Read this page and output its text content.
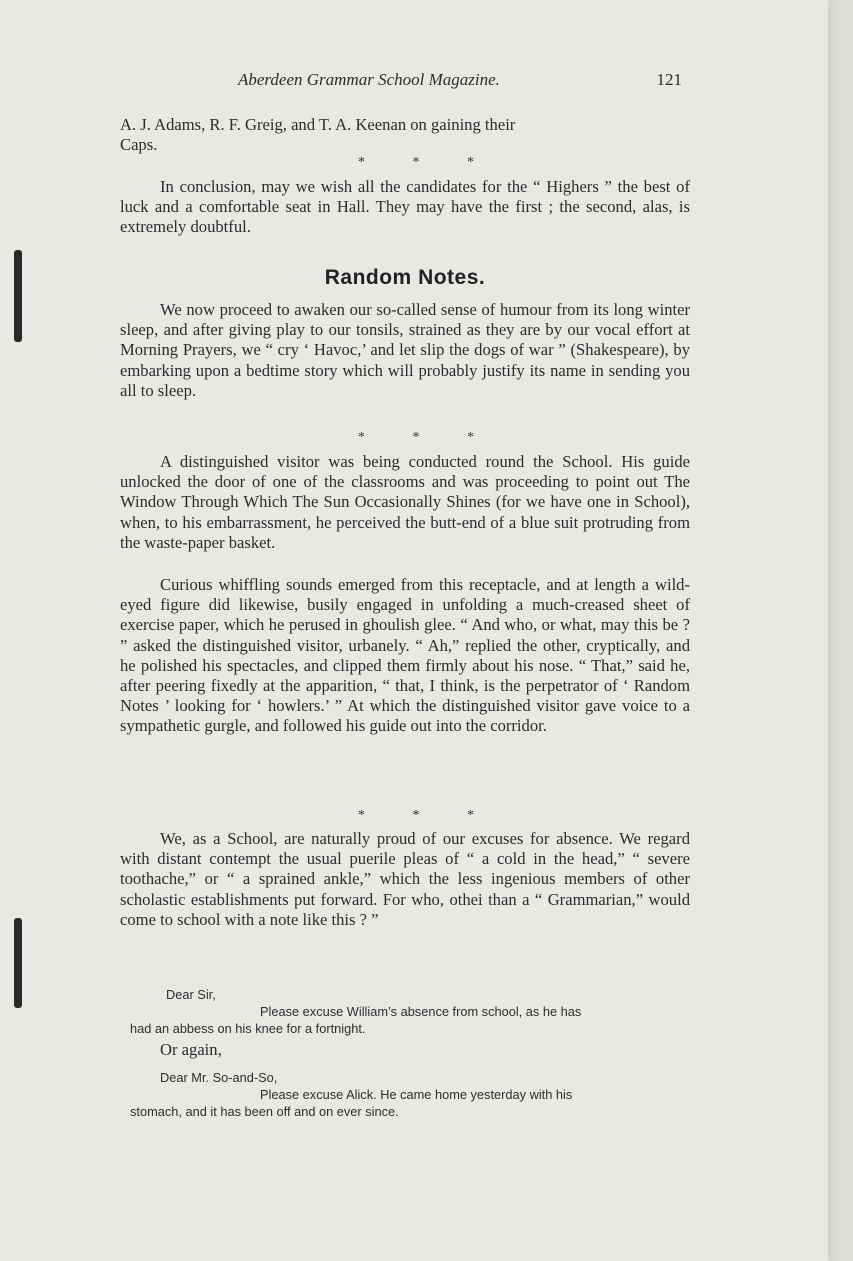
Aberdeen Grammar School Magazine.	121

A. J. Adams, R. F. Greig, and T. A. Keenan on gaining their

Caps.

* * *

In conclusion, may we wish all the candidates for the “ Highers ” the best of luck and a comfortable seat in Hall. They may have the first ; the second, alas, is extremely doubtful.

Random Notes.

We now proceed to awaken our so-called sense of humour from its long winter sleep, and after giving play to our tonsils, strained as they are by our vocal effort at Morning Prayers, we “ cry ‘ Havoc,’ and let slip the dogs of war ” (Shakespeare), by embarking upon a bedtime story which will probably justify its name in sending you all to sleep.

* * *

A distinguished visitor was being conducted round the School. His guide unlocked the door of one of the classrooms and was proceeding to point out The Window Through Which The Sun Occasionally Shines (for we have one in School), when, to his embarrassment, he perceived the butt-end of a blue suit protruding from the waste-paper basket.

Curious whiffling sounds emerged from this receptacle, and at length a wild-eyed figure did likewise, busily engaged in unfolding a much-creased sheet of exercise paper, which he perused in ghoulish glee. “ And who, or what, may this be ? ” asked the distinguished visitor, urbanely. “ Ah,” replied the other, cryptically, and he polished his spectacles, and clipped them firmly about his nose. “ That,” said he, after peering fixedly at the apparition, “ that, I think, is the perpetrator of ‘ Random Notes ’ looking for ‘ howlers.’ ” At which the distinguished visitor gave voice to a sympathetic gurgle, and followed his guide out into the corridor.

* * *

We, as a School, are naturally proud of our excuses for absence. We regard with distant contempt the usual puerile pleas of “ a cold in the head,” “ severe toothache,” or “ a sprained ankle,” which the less ingenious members of other scholastic establishments put forward. For who, othei than a “ Grammarian,” would come to school with a note like this ? ”

Dear Sir,
Please excuse William’s absence from school, as he has
had an abbess on his knee for a fortnight.

Or again,

Dear Mr. So-and-So,
Please excuse Alick. He came home yesterday with his
stomach, and it has been off and on ever since.
